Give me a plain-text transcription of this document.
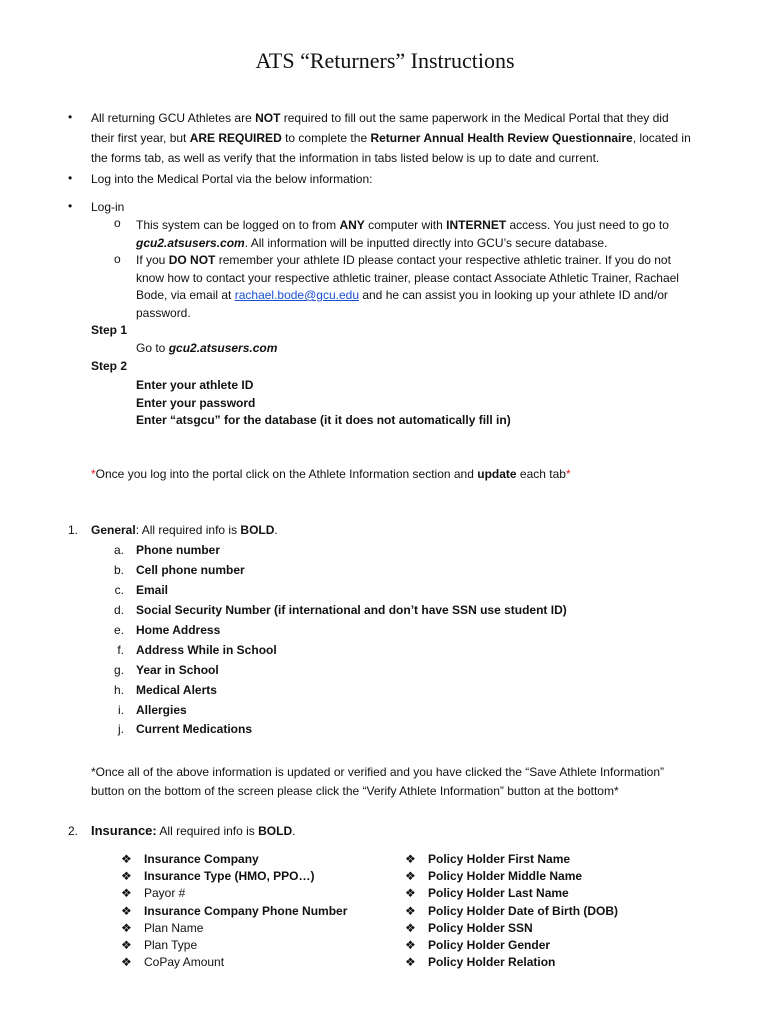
ATS “Returners” Instructions
• All returning GCU Athletes are NOT required to fill out the same paperwork in the Medical Portal that they did
their first year, but ARE REQUIRED to complete the Returner Annual Health Review Questionnaire, located in
the forms tab, as well as verify that the information in tabs listed below is up to date and current.
• Log into the Medical Portal via the below information:
• Log-in
o This system can be logged on to from ANY computer with INTERNET access. You just need to go to
gcu2.atsusers.com. All information will be inputted directly into GCU’s secure database.
o If you DO NOT remember your athlete ID please contact your respective athletic trainer. If you do not
know how to contact your respective athletic trainer, please contact Associate Athletic Trainer, Rachael
Bode, via email at rachael.bode@gcu.edu and he can assist you in looking up your athlete ID and/or
password.
Step 1
Go to gcu2.atsusers.com
Step 2
Enter your athlete ID
Enter your password
Enter “atsgcu” for the database (it it does not automatically fill in)
*Once you log into the portal click on the Athlete Information section and update each tab*
1. General: All required info is BOLD.
a. Phone number
b. Cell phone number
c. Email
d. Social Security Number (if international and don’t have SSN use student ID)
e. Home Address
f. Address While in School
g. Year in School
h. Medical Alerts
i. Allergies
j. Current Medications
*Once all of the above information is updated or verified and you have clicked the “Save Athlete Information”
button on the bottom of the screen please click the “Verify Athlete Information” button at the bottom*
2. Insurance: All required info is BOLD.
❖ Insurance Company
❖ Insurance Type (HMO, PPO…)
❖ Payor #
❖ Insurance Company Phone Number
❖ Plan Name
❖ Plan Type
❖ CoPay Amount
❖ Policy Holder First Name
❖ Policy Holder Middle Name
❖ Policy Holder Last Name
❖ Policy Holder Date of Birth (DOB)
❖ Policy Holder SSN
❖ Policy Holder Gender
❖ Policy Holder Relation
